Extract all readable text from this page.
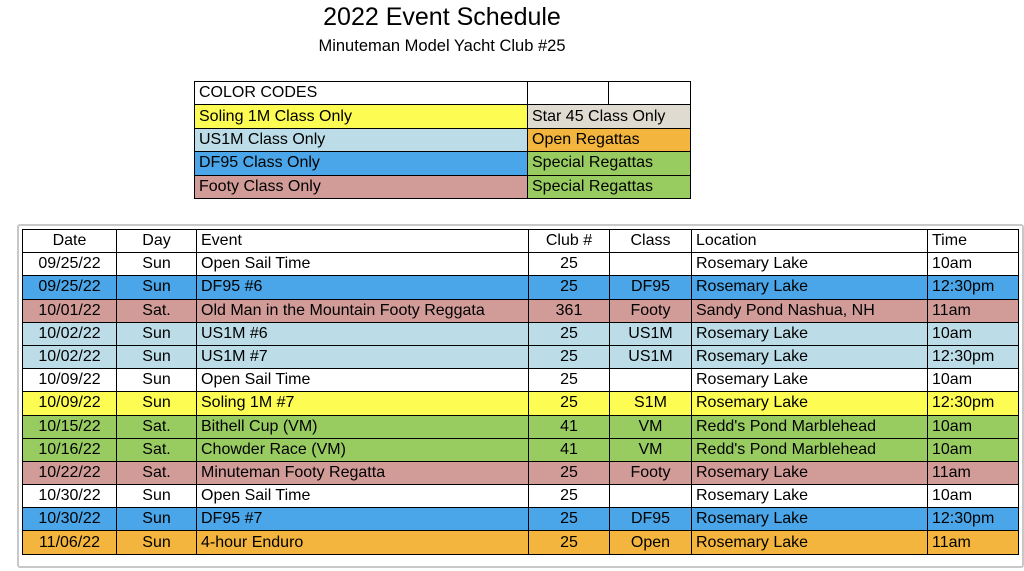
2022 Event Schedule
Minuteman Model Yacht Club #25
COLOR CODES		
Soling 1M Class Only	Star 45 Class Only	
US1M Class Only	Open Regattas	
DF95 Class Only	Special Regattas	
Footy Class Only	Special Regattas	
Date	Day	Event	Club #	Class	Location	Time
09/25/22	Sun	Open Sail Time	25		Rosemary Lake	10am
09/25/22	Sun	DF95 #6	25	DF95	Rosemary Lake	12:30pm
10/01/22	Sat.	Old Man in the Mountain Footy Reggata	361	Footy	Sandy Pond Nashua, NH	11am
10/02/22	Sun	US1M #6	25	US1M	Rosemary Lake	10am
10/02/22	Sun	US1M #7	25	US1M	Rosemary Lake	12:30pm
10/09/22	Sun	Open Sail Time	25		Rosemary Lake	10am
10/09/22	Sun	Soling 1M #7	25	S1M	Rosemary Lake	12:30pm
10/15/22	Sat.	Bithell Cup (VM)	41	VM	Redd's Pond Marblehead	10am
10/16/22	Sat.	Chowder Race (VM)	41	VM	Redd's Pond Marblehead	10am
10/22/22	Sat.	Minuteman Footy Regatta	25	Footy	Rosemary Lake	11am
10/30/22	Sun	Open Sail Time	25		Rosemary Lake	10am
10/30/22	Sun	DF95 #7	25	DF95	Rosemary Lake	12:30pm
11/06/22	Sun	4-hour Enduro	25	Open	Rosemary Lake	11am
